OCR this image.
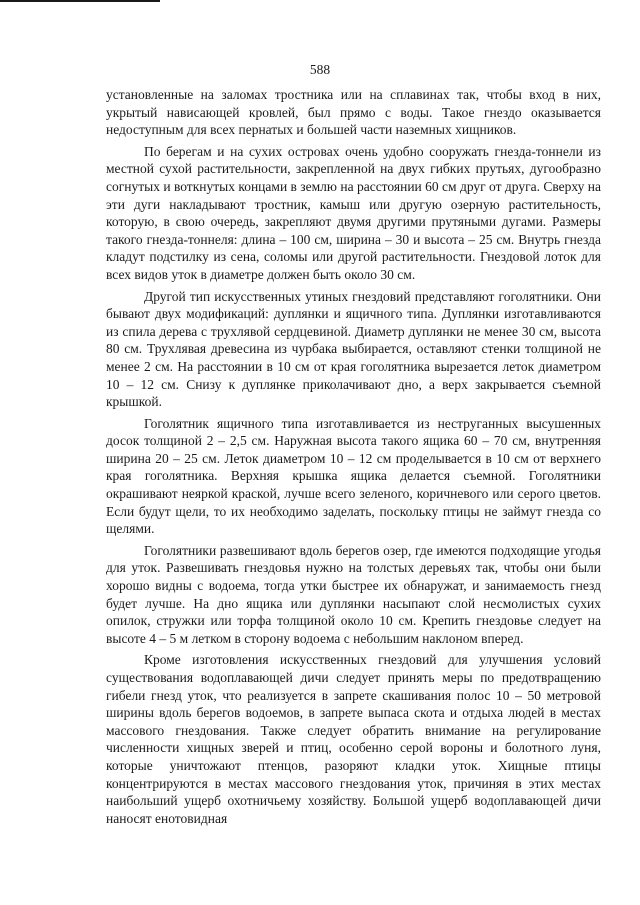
588

установленные на заломах тростника или на сплавинах так, чтобы вход в них, укрытый нависающей кровлей, был прямо с воды. Такое гнездо оказывается недоступным для всех пернатых и большей части наземных хищников.

По берегам и на сухих островах очень удобно сооружать гнезда-тоннели из местной сухой растительности, закрепленной на двух гибких прутьях, дугообразно согнутых и воткнутых концами в землю на расстоянии 60 см друг от друга. Сверху на эти дуги накладывают тростник, камыш или другую озерную растительность, которую, в свою очередь, закрепляют двумя другими прутяными дугами. Размеры такого гнезда-тоннеля: длина – 100 см, ширина – 30 и высота – 25 см. Внутрь гнезда кладут подстилку из сена, соломы или другой растительности. Гнездовой лоток для всех видов уток в диаметре должен быть около 30 см.

Другой тип искусственных утиных гнездовий представляют гоголятники. Они бывают двух модификаций: дуплянки и ящичного типа. Дуплянки изготавливаются из спила дерева с трухлявой сердцевиной. Диаметр дуплянки не менее 30 см, высота 80 см. Трухлявая древесина из чурбака выбирается, оставляют стенки толщиной не менее 2 см. На расстоянии в 10 см от края гоголятника вырезается леток диаметром 10 – 12 см. Снизу к дуплянке приколачивают дно, а верх закрывается съемной крышкой.

Гоголятник ящичного типа изготавливается из неструганных высушенных досок толщиной 2 – 2,5 см. Наружная высота такого ящика 60 – 70 см, внутренняя ширина 20 – 25 см. Леток диаметром 10 – 12 см проделывается в 10 см от верхнего края гоголятника. Верхняя крышка ящика делается съемной. Гоголятники окрашивают неяркой краской, лучше всего зеленого, коричневого или серого цветов. Если будут щели, то их необходимо заделать, поскольку птицы не займут гнезда со щелями.

Гоголятники развешивают вдоль берегов озер, где имеются подходящие угодья для уток. Развешивать гнездовья нужно на толстых деревьях так, чтобы они были хорошо видны с водоема, тогда утки быстрее их обнаружат, и занимаемость гнезд будет лучше. На дно ящика или дуплянки насыпают слой несмолистых сухих опилок, стружки или торфа толщиной около 10 см. Крепить гнездовье следует на высоте 4 – 5 м летком в сторону водоема с небольшим наклоном вперед.

Кроме изготовления искусственных гнездовий для улучшения условий существования водоплавающей дичи следует принять меры по предотвращению гибели гнезд уток, что реализуется в запрете скашивания полос 10 – 50 метровой ширины вдоль берегов водоемов, в запрете выпаса скота и отдыха людей в местах массового гнездования. Также следует обратить внимание на регулирование численности хищных зверей и птиц, особенно серой вороны и болотного луня, которые уничтожают птенцов, разоряют кладки уток. Хищные птицы концентрируются в местах массового гнездования уток, причиняя в этих местах наибольший ущерб охотничьему хозяйству. Большой ущерб водоплавающей дичи наносят енотовидная
